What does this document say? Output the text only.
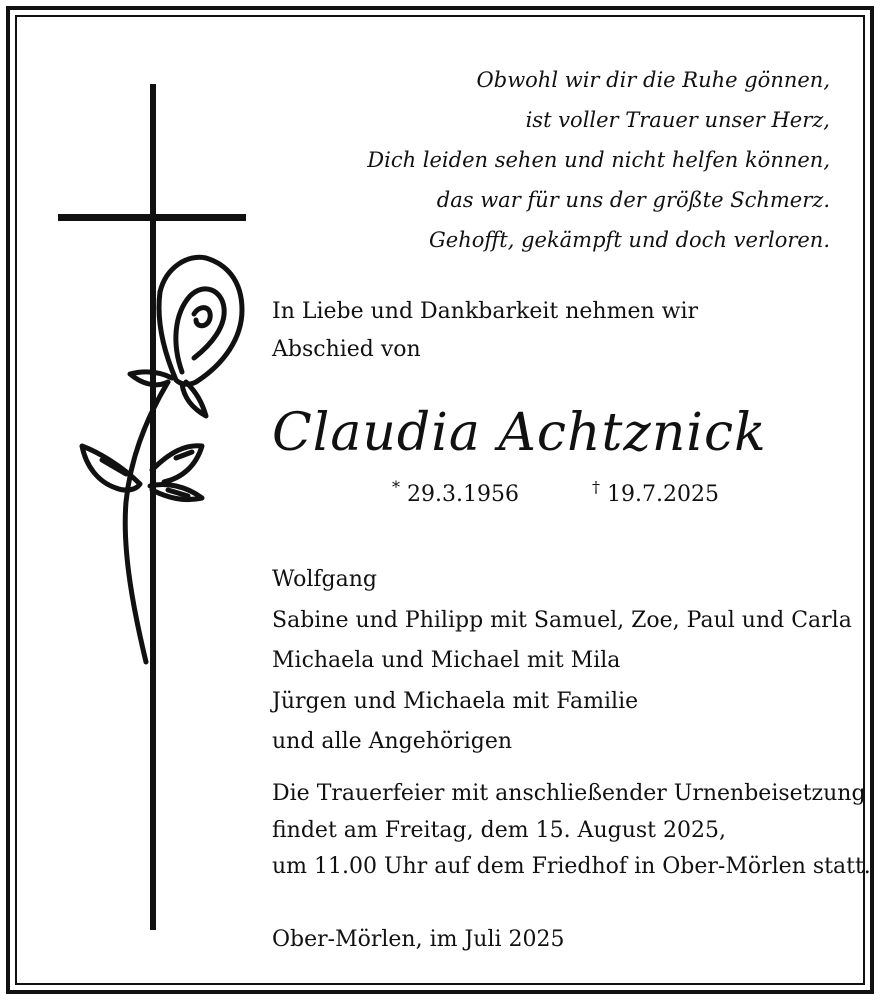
Obwohl wir dir die Ruhe gönnen,
ist voller Trauer unser Herz,
Dich leiden sehen und nicht helfen können,
das war für uns der größte Schmerz.
Gehofft, gekämpft und doch verloren.
In Liebe und Dankbarkeit nehmen wir
Abschied von
Claudia Achtznick
* 29.3.1956	† 19.7.2025
Wolfgang
Sabine und Philipp mit Samuel, Zoe, Paul und Carla
Michaela und Michael mit Mila
Jürgen und Michaela mit Familie
und alle Angehörigen
Die Trauerfeier mit anschließender Urnenbeisetzung
findet am Freitag, dem 15. August 2025,
um 11.00 Uhr auf dem Friedhof in Ober-Mörlen statt.
Ober-Mörlen, im Juli 2025
